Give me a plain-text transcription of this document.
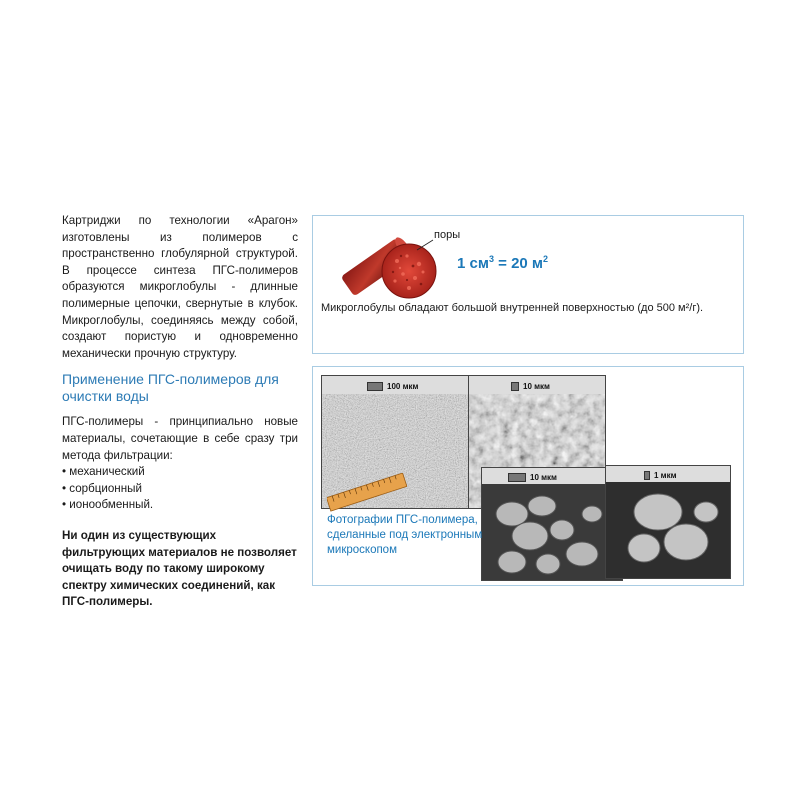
Картриджи по технологии «Арагон» изготовлены из полимеров с пространственно глобулярной структурой. В процессе синтеза ПГС-полимеров образуются микроглобулы - длинные полимерные цепочки, свернутые в клубок. Микроглобулы, соединяясь между собой, создают пористую и одновременно механически прочную структуру.

Применение ПГС-полимеров для очистки воды

ПГС-полимеры - принципиально новые материалы, сочетающие в себе сразу три метода фильтрации:

• механический
• сорбционный
• ионообменный.

Ни один из существующих фильтрующих материалов не позволяет очищать воду по такому широкому спектру химических соединений, как ПГС-полимеры.

поры
1 $см^3 = 20$ $м^2$
Микроглобулы обладают большой внутренней поверхностью (до 500 м²/г).
100 мкм	10 мкм
10 мкм	1 мкм
Фотографии ПГС-полимера, сделанные под электронным микроскопом
